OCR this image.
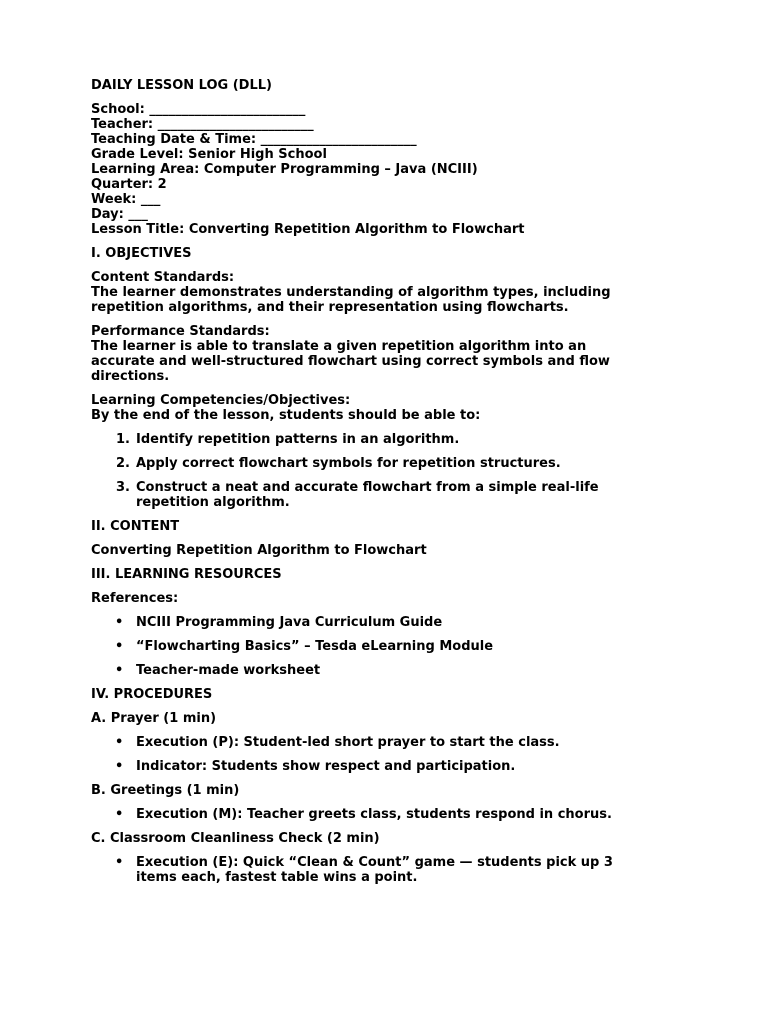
DAILY LESSON LOG (DLL)

School: ________________________
Teacher: ________________________
Teaching Date & Time: ________________________
Grade Level: Senior High School
Learning Area: Computer Programming – Java (NCIII)
Quarter: 2
Week: ___
Day: ___
Lesson Title: Converting Repetition Algorithm to Flowchart

I. OBJECTIVES

Content Standards:
The learner demonstrates understanding of algorithm types, including
repetition algorithms, and their representation using flowcharts.
Performance Standards:
The learner is able to translate a given repetition algorithm into an
accurate and well-structured flowchart using correct symbols and flow
directions.
Learning Competencies/Objectives:
By the end of the lesson, students should be able to:
1. Identify repetition patterns in an algorithm.
2. Apply correct flowchart symbols for repetition structures.
3. Construct a neat and accurate flowchart from a simple real-life
repetition algorithm.

II. CONTENT

Converting Repetition Algorithm to Flowchart

III. LEARNING RESOURCES

References:

• NCIII Programming Java Curriculum Guide
• “Flowcharting Basics” – Tesda eLearning Module
• Teacher-made worksheet

IV. PROCEDURES

A. Prayer (1 min)

• Execution (P): Student-led short prayer to start the class.
• Indicator: Students show respect and participation.

B. Greetings (1 min)

• Execution (M): Teacher greets class, students respond in chorus.

C. Classroom Cleanliness Check (2 min)

• Execution (E): Quick “Clean & Count” game — students pick up 3
items each, fastest table wins a point.
